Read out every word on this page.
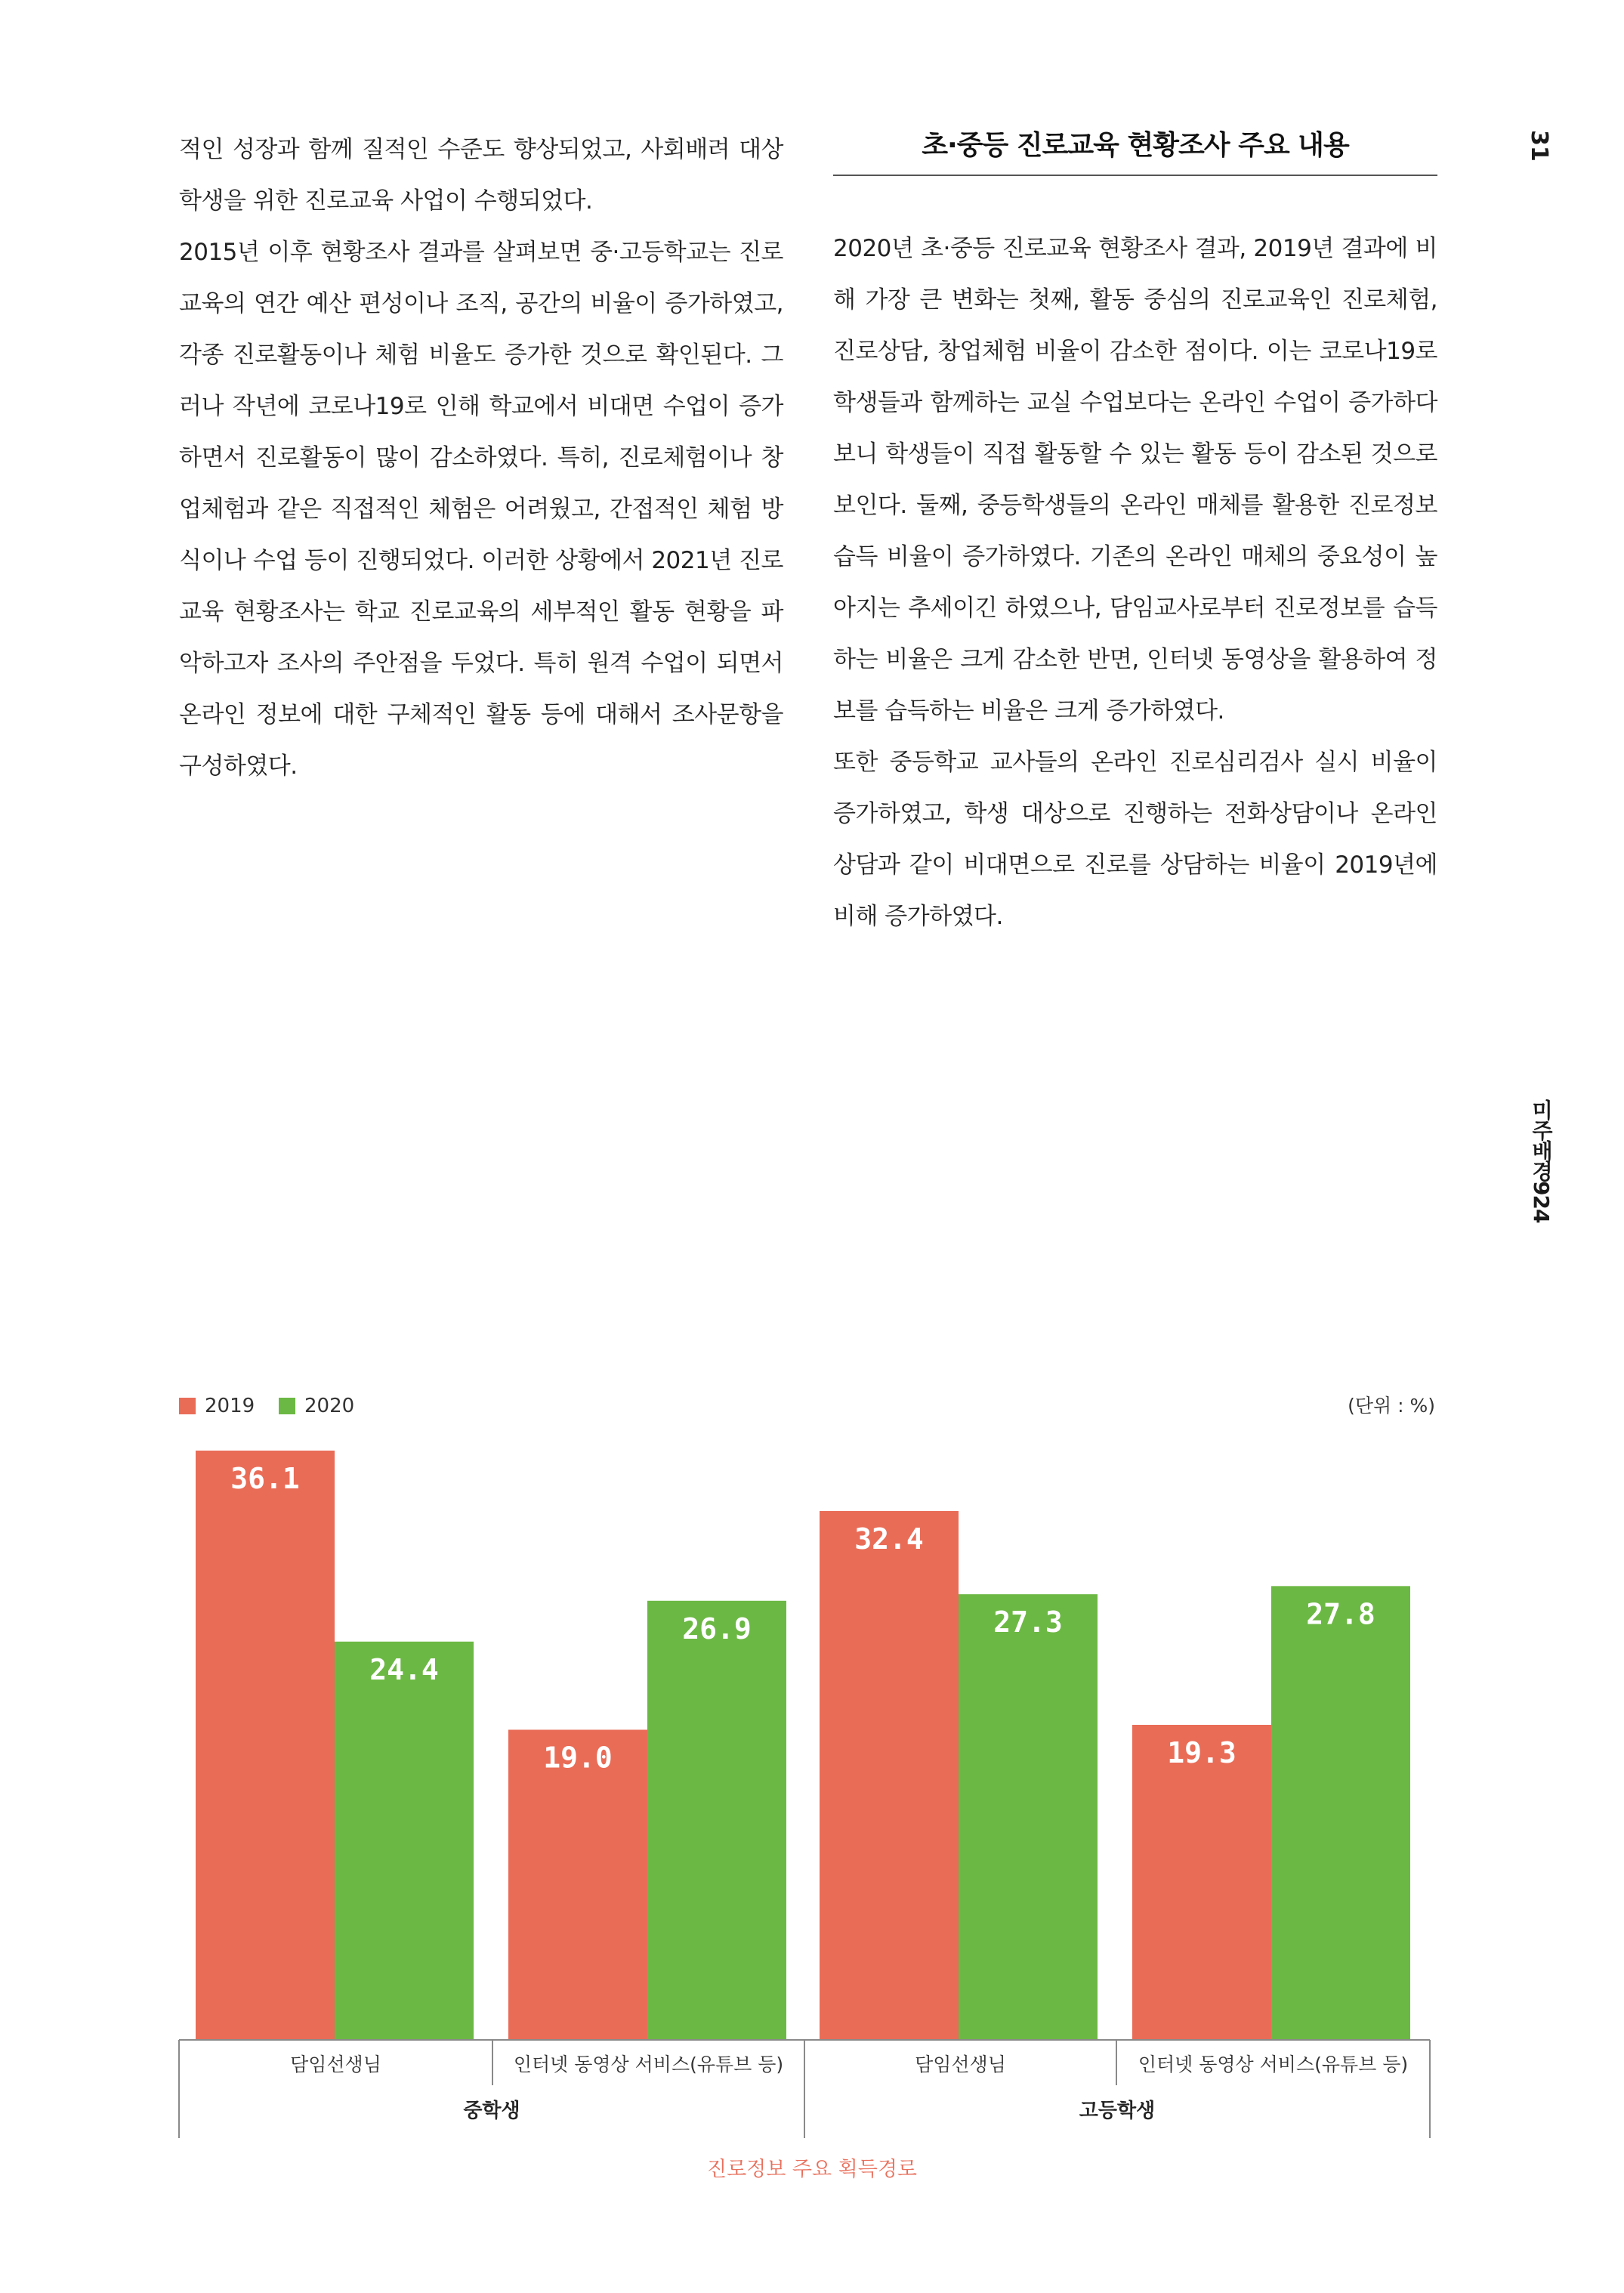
적인 성장과 함께 질적인 수준도 향상되었고, 사회배려 대상 학생을 위한 진로교육 사업이 수행되었다.

2015년 이후 현황조사 결과를 살펴보면 중·고등학교는 진로교육의 연간 예산 편성이나 조직, 공간의 비율이 증가하였고, 각종 진로활동이나 체험 비율도 증가한 것으로 확인된다. 그러나 작년에 코로나19로 인해 학교에서 비대면 수업이 증가하면서 진로활동이 많이 감소하였다. 특히, 진로체험이나 창업체험과 같은 직접적인 체험은 어려웠고, 간접적인 체험 방식이나 수업 등이 진행되었다. 이러한 상황에서 2021년 진로교육 현황조사는 학교 진로교육의 세부적인 활동 현황을 파악하고자 조사의 주안점을 두었다. 특히 원격 수업이 되면서 온라인 정보에 대한 구체적인 활동 등에 대해서 조사문항을 구성하였다.

초·중등 진로교육 현황조사 주요 내용

2020년 초·중등 진로교육 현황조사 결과, 2019년 결과에 비해 가장 큰 변화는 첫째, 활동 중심의 진로교육인 진로체험, 진로상담, 창업체험 비율이 감소한 점이다. 이는 코로나19로 학생들과 함께하는 교실 수업보다는 온라인 수업이 증가하다 보니 학생들이 직접 활동할 수 있는 활동 등이 감소된 것으로 보인다. 둘째, 중등학생들의 온라인 매체를 활용한 진로정보 습득 비율이 증가하였다. 기존의 온라인 매체의 중요성이 높아지는 추세이긴 하였으나, 담임교사로부터 진로정보를 습득하는 비율은 크게 감소한 반면, 인터넷 동영상을 활용하여 정보를 습득하는 비율은 크게 증가하였다.

또한 중등학교 교사들의 온라인 진로심리검사 실시 비율이 증가하였고, 학생 대상으로 진행하는 전화상담이나 온라인 상담과 같이 비대면으로 진로를 상담하는 비율이 2019년에 비해 증가하였다.

31
미주배경924
2019	2020	(단위 : %)
36.1
19.0
32.4
19.3
24.4
26.9	27.3	27.8
담임선생님	인터넷 동영상 서비스(유튜브 등)	담임선생님	인터넷 동영상 서비스(유튜브 등)
중학생	고등학생
진로정보 주요 획득경로
